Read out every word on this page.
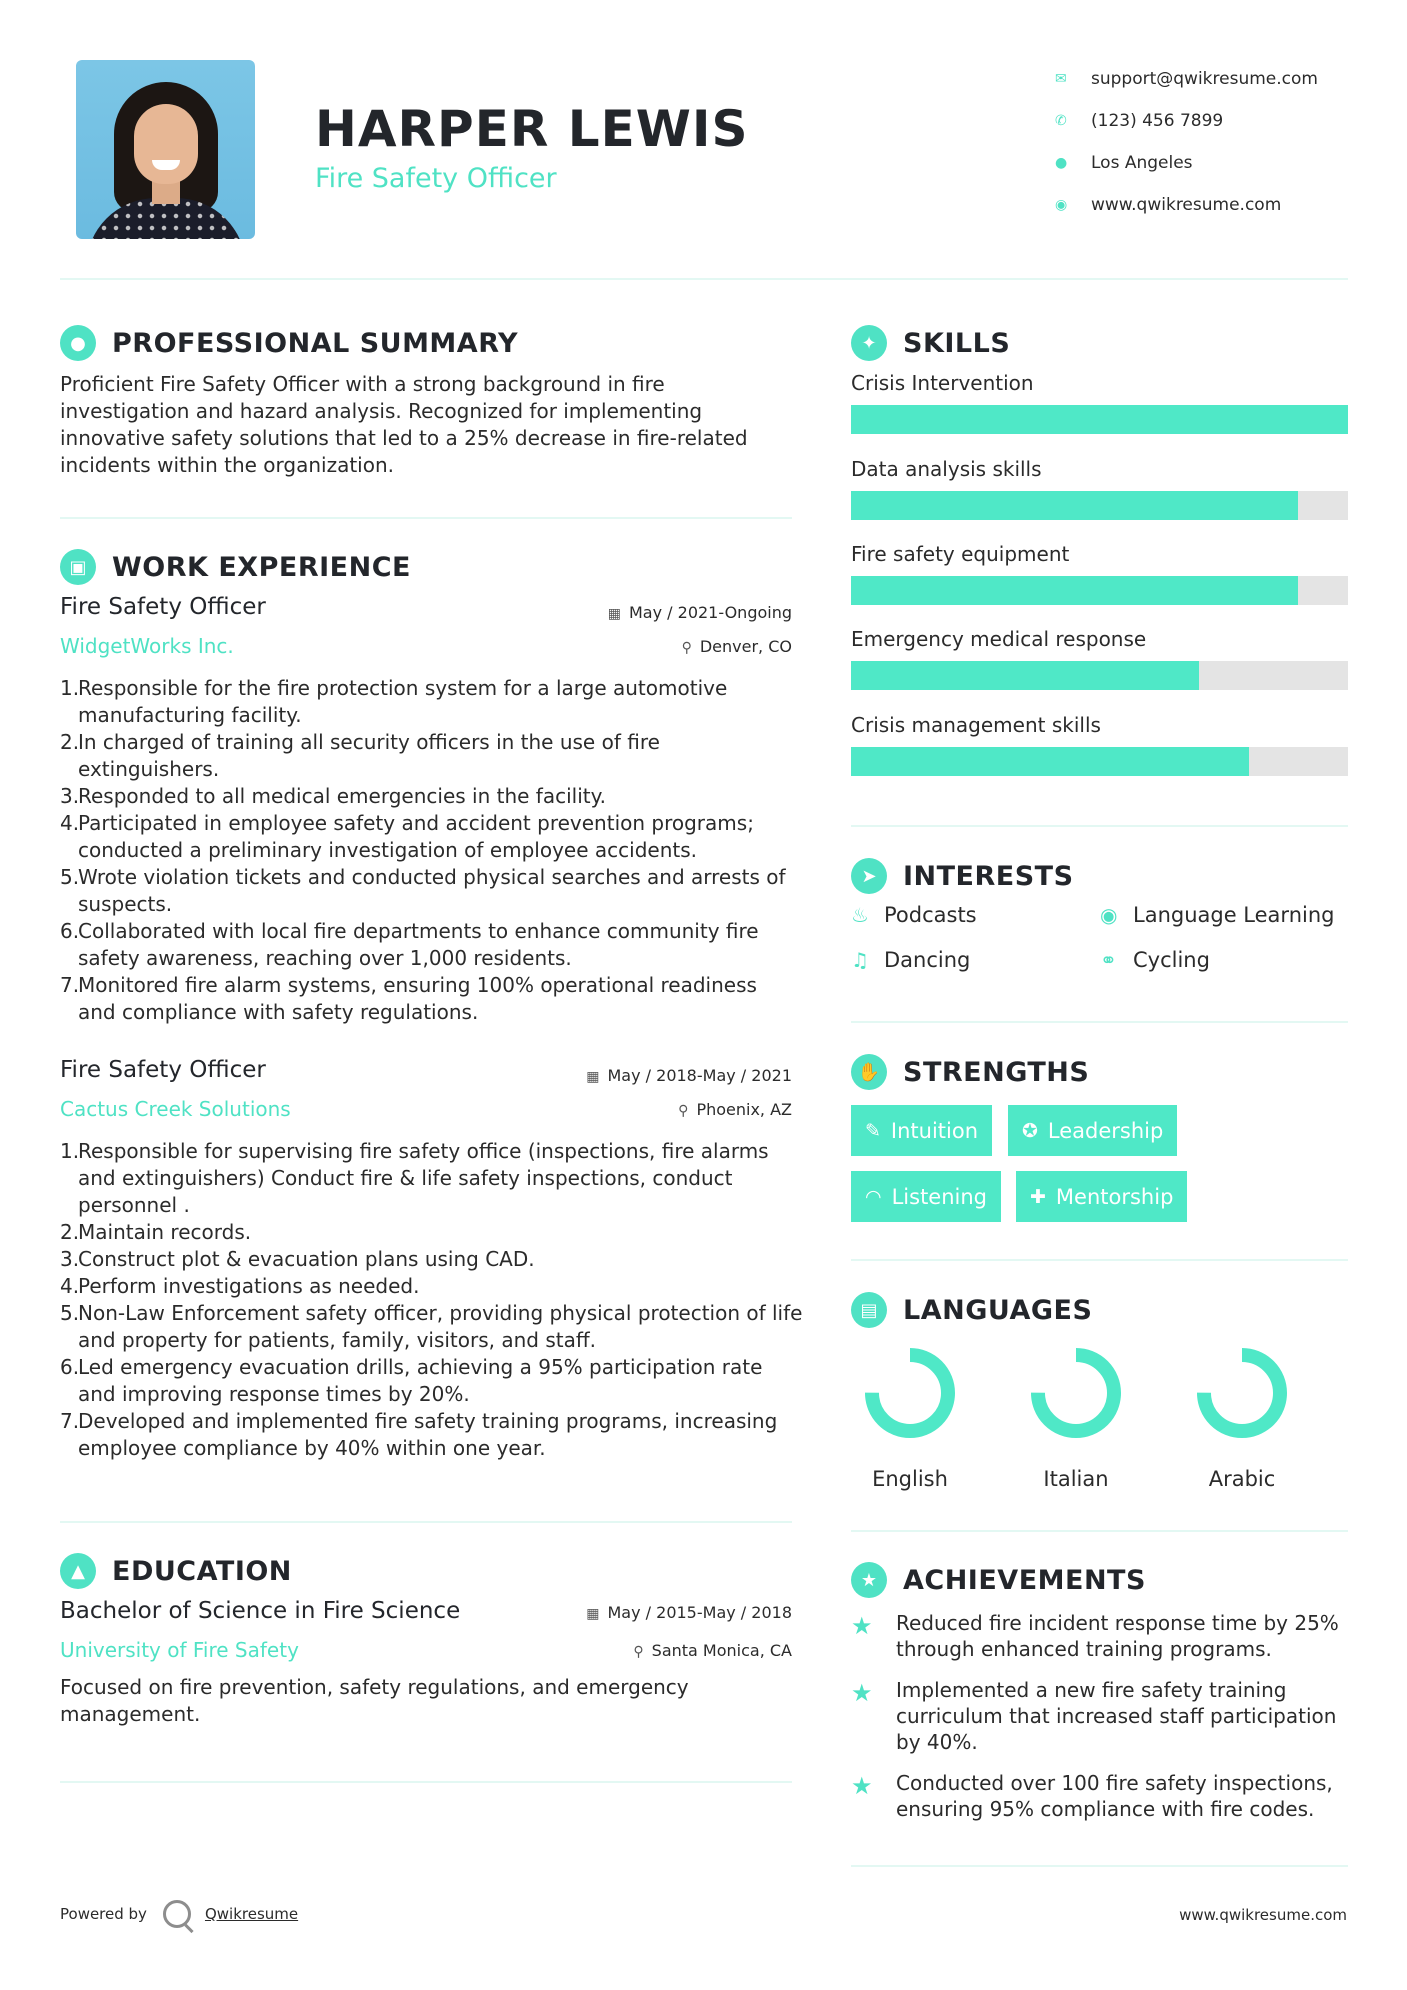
HARPER LEWIS
Fire Safety Officer
✉	support@qwikresume.com
✆	(123) 456 7899
●	Los Angeles
◉	www.qwikresume.com
● PROFESSIONAL SUMMARY
Proficient Fire Safety Officer with a strong background in fire investigation and hazard analysis. Recognized for implementing innovative safety solutions that led to a 25% decrease in fire-related incidents within the organization.
▣ WORK EXPERIENCE
Fire Safety Officer
WidgetWorks Inc.
▦ May / 2021-Ongoing
⚲ Denver, CO
1.
Responsible for the fire protection system for a large automotive manufacturing facility.
2.
In charged of training all security officers in the use of fire extinguishers.
3.
Responded to all medical emergencies in the facility.
4.
Participated in employee safety and accident prevention programs; conducted a preliminary investigation of employee accidents.
5.
Wrote violation tickets and conducted physical searches and arrests of suspects.
6.
Collaborated with local fire departments to enhance community fire safety awareness, reaching over 1,000 residents.
7.
Monitored fire alarm systems, ensuring 100% operational readiness and compliance with safety regulations.
Fire Safety Officer
Cactus Creek Solutions
▦ May / 2018-May / 2021
⚲ Phoenix, AZ
1.
Responsible for supervising fire safety office (inspections, fire alarms and extinguishers) Conduct fire & life safety inspections, conduct personnel .
2.
Maintain records.
3.
Construct plot & evacuation plans using CAD.
4.
Perform investigations as needed.
5.
Non-Law Enforcement safety officer, providing physical protection of life and property for patients, family, visitors, and staff.
6.
Led emergency evacuation drills, achieving a 95% participation rate and improving response times by 20%.
7.
Developed and implemented fire safety training programs, increasing employee compliance by 40% within one year.
▲	EDUCATION
Bachelor of Science in Fire Science
University of Fire Safety
▦ May / 2015-May / 2018
⚲ Santa Monica, CA
Focused on fire prevention, safety regulations, and emergency management.
✦ SKILLS
Crisis Intervention
Data analysis skills
Fire safety equipment
Emergency medical response
Crisis management skills
➤ INTERESTS
♨ Podcasts	◉ Language Learning
♫ Dancing	⚭ Cycling
✋ STRENGTHS
✎ Intuition ✪ Leadership
◠ Listening ✚ Mentorship
▤ LANGUAGES
English	Italian	Arabic
★ ACHIEVEMENTS
★	Reduced fire incident response time by 25% through enhanced training programs.
★	Implemented a new fire safety training curriculum that increased staff participation by 40%.
★	Conducted over 100 fire safety inspections, ensuring 95% compliance with fire codes.
Powered by	Qwikresume	www.qwikresume.com
